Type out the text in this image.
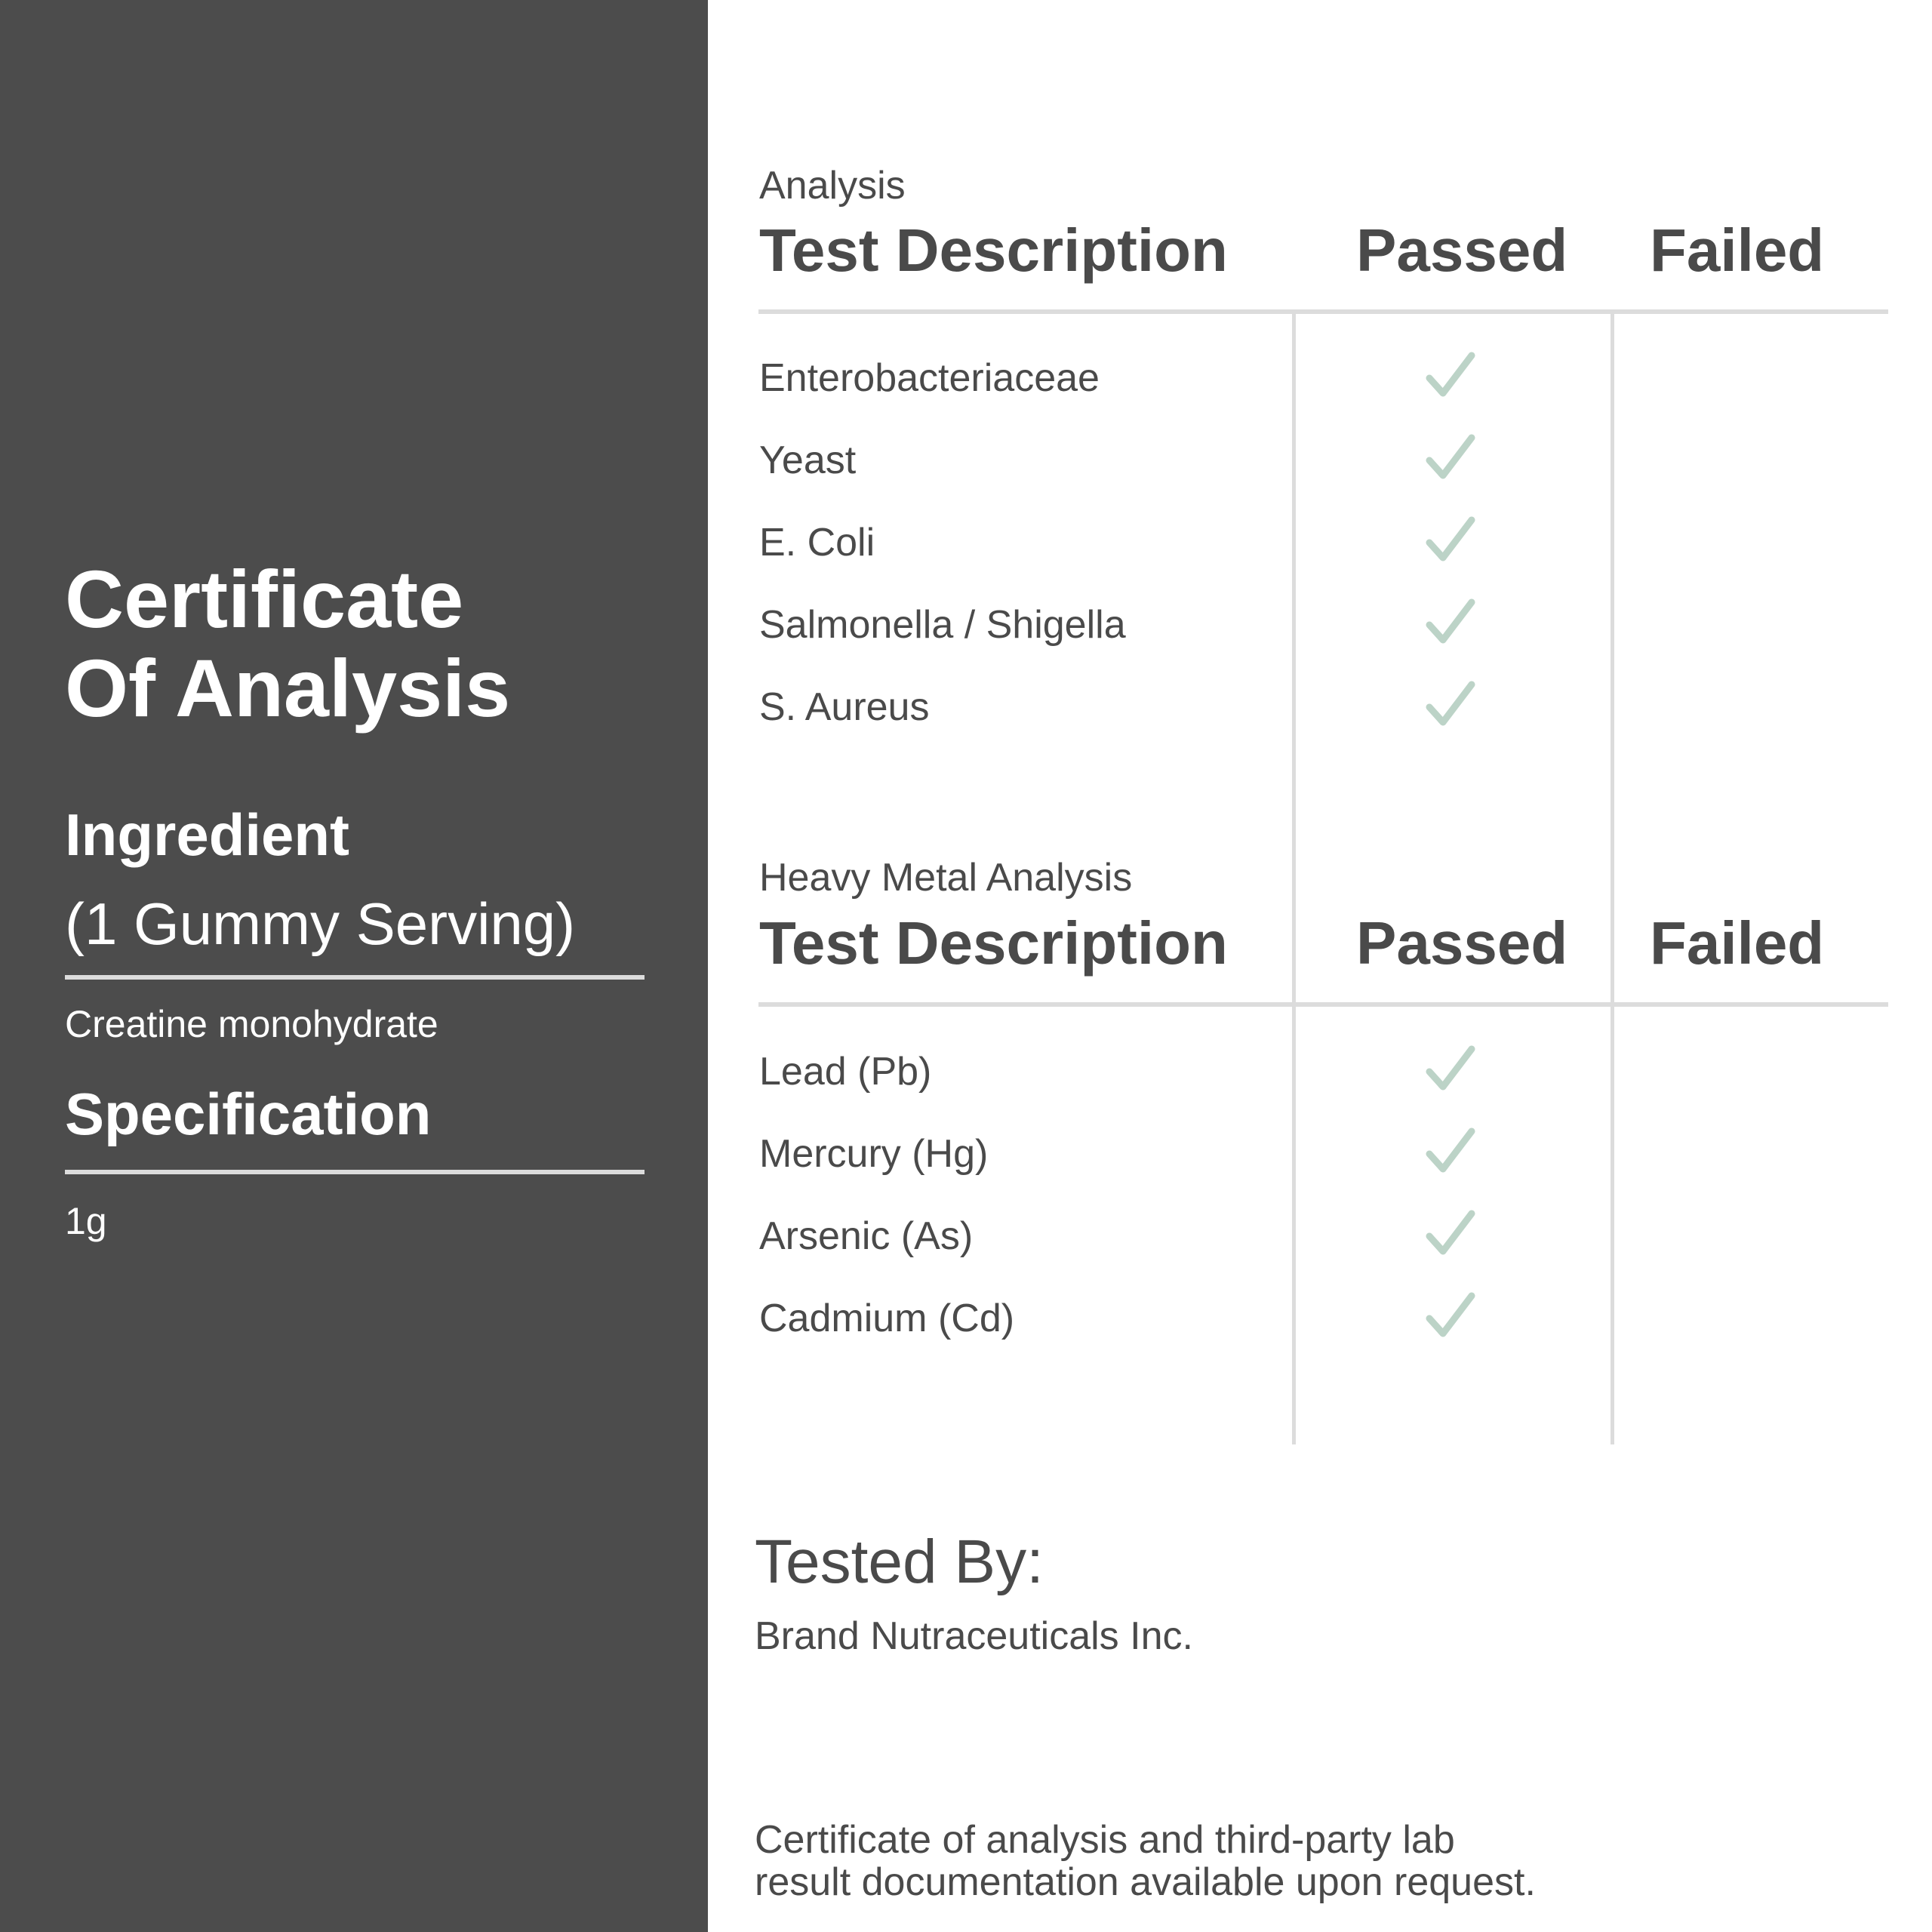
Certificate
Of Analysis

Ingredient

(1 Gummy Serving)

Creatine monohydrate

Specification

1g

Analysis

Test Description Passed Failed

Enterobacteriaceae

Yeast

E. Coli

Salmonella / Shigella

S. Aureus

Heavy Metal Analysis

Test Description Passed Failed

Lead (Pb)

Mercury (Hg)

Arsenic (As)

Cadmium (Cd)

Tested By:

Brand Nutraceuticals Inc.

Certificate of analysis and third-party lab
result documentation available upon request.
